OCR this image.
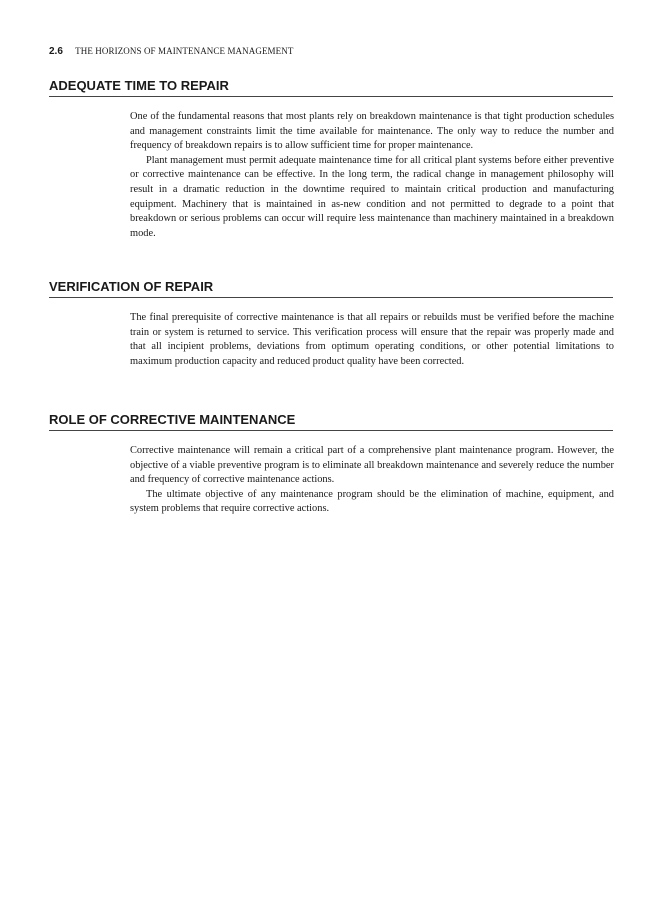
2.6 THE HORIZONS OF MAINTENANCE MANAGEMENT
ADEQUATE TIME TO REPAIR

One of the fundamental reasons that most plants rely on breakdown maintenance is that tight production schedules and management constraints limit the time available for maintenance. The only way to reduce the number and frequency of breakdown repairs is to allow sufficient time for proper maintenance.

Plant management must permit adequate maintenance time for all critical plant systems before either preventive or corrective maintenance can be effective. In the long term, the radical change in management philosophy will result in a dramatic reduction in the downtime required to maintain critical production and manufacturing equipment. Machinery that is maintained in as-new condition and not permitted to degrade to a point that breakdown or serious problems can occur will require less maintenance than machinery maintained in a breakdown mode.

VERIFICATION OF REPAIR

The final prerequisite of corrective maintenance is that all repairs or rebuilds must be verified before the machine train or system is returned to service. This verification process will ensure that the repair was properly made and that all incipient problems, deviations from optimum operating conditions, or other potential limitations to maximum production capacity and reduced product quality have been corrected.

ROLE OF CORRECTIVE MAINTENANCE

Corrective maintenance will remain a critical part of a comprehensive plant maintenance program. However, the objective of a viable preventive program is to eliminate all breakdown maintenance and severely reduce the number and frequency of corrective maintenance actions.

The ultimate objective of any maintenance program should be the elimination of machine, equipment, and system problems that require corrective actions.
